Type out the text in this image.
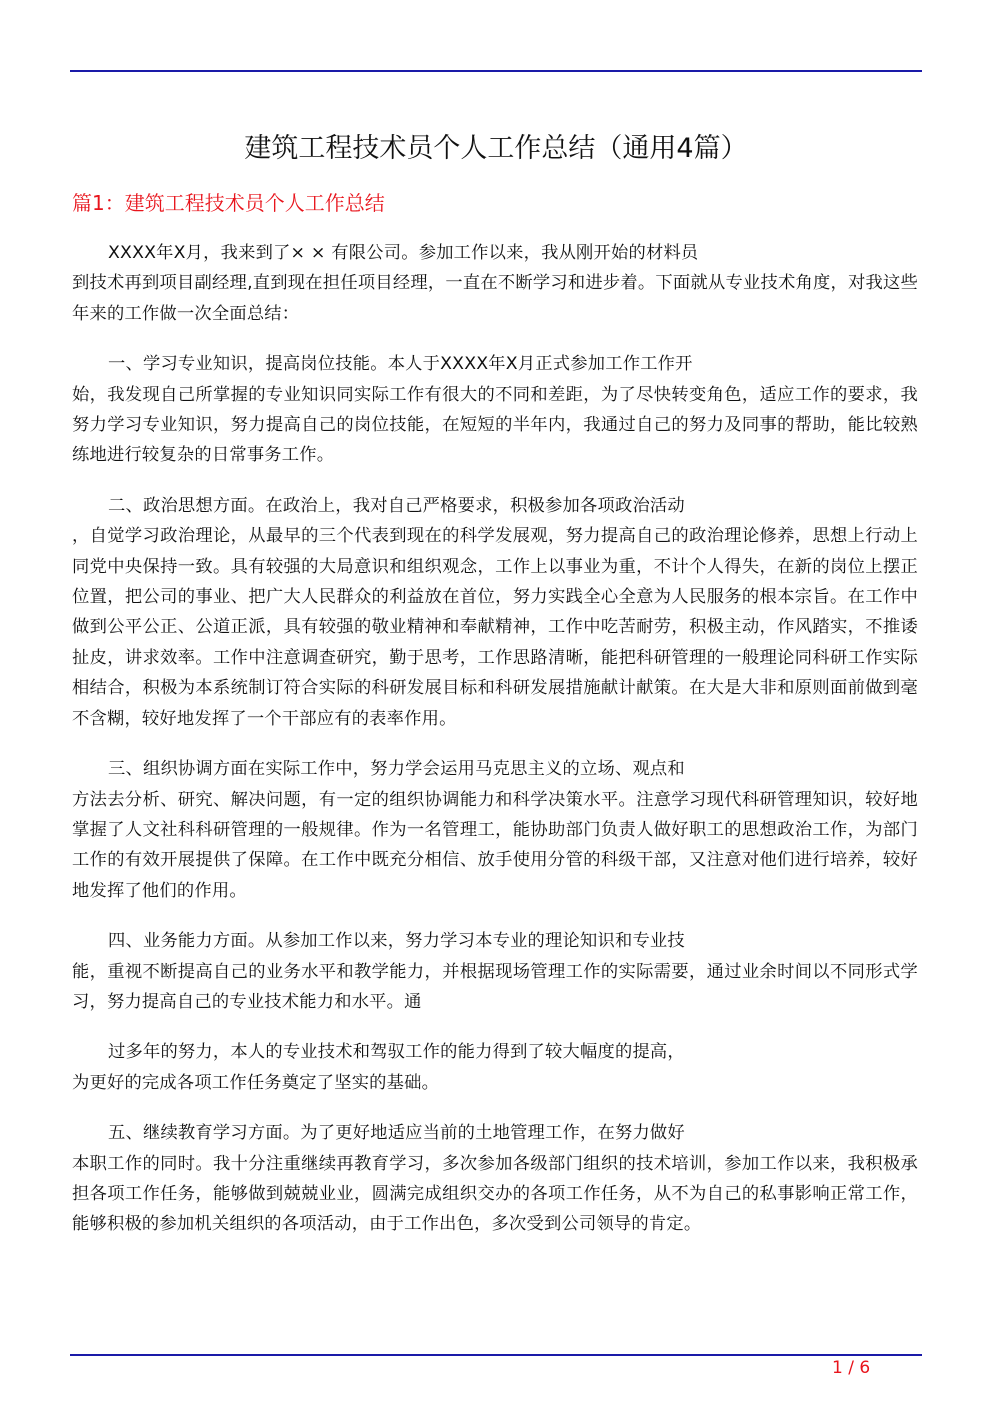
建筑工程技术员个人工作总结（通用4篇）
篇1：建筑工程技术员个人工作总结

XXXX年X月，我来到了× × 有限公司。参加工作以来，我从刚开始的材料员
到技术再到项目副经理,直到现在担任项目经理，一直在不断学习和进步着。下面就从专业技术角度，对我这些年来的工作做一次全面总结：

一、学习专业知识，提高岗位技能。本人于XXXX年X月正式参加工作工作开
始，我发现自己所掌握的专业知识同实际工作有很大的不同和差距，为了尽快转变角色，适应工作的要求，我努力学习专业知识，努力提高自己的岗位技能，在短短的半年内，我通过自己的努力及同事的帮助，能比较熟练地进行较复杂的日常事务工作。

二、政治思想方面。在政治上，我对自己严格要求，积极参加各项政治活动
，自觉学习政治理论，从最早的三个代表到现在的科学发展观，努力提高自己的政治理论修养，思想上行动上同党中央保持一致。具有较强的大局意识和组织观念，工作上以事业为重，不计个人得失，在新的岗位上摆正位置，把公司的事业、把广大人民群众的利益放在首位，努力实践全心全意为人民服务的根本宗旨。在工作中做到公平公正、公道正派，具有较强的敬业精神和奉献精神，工作中吃苦耐劳，积极主动，作风踏实，不推诿扯皮，讲求效率。工作中注意调查研究，勤于思考，工作思路清晰，能把科研管理的一般理论同科研工作实际相结合，积极为本系统制订符合实际的科研发展目标和科研发展措施献计献策。在大是大非和原则面前做到毫不含糊，较好地发挥了一个干部应有的表率作用。

三、组织协调方面在实际工作中，努力学会运用马克思主义的立场、观点和
方法去分析、研究、解决问题，有一定的组织协调能力和科学决策水平。注意学习现代科研管理知识，较好地掌握了人文社科科研管理的一般规律。作为一名管理工，能协助部门负责人做好职工的思想政治工作，为部门工作的有效开展提供了保障。在工作中既充分相信、放手使用分管的科级干部，又注意对他们进行培养，较好地发挥了他们的作用。

四、业务能力方面。从参加工作以来，努力学习本专业的理论知识和专业技
能，重视不断提高自己的业务水平和教学能力，并根据现场管理工作的实际需要，通过业余时间以不同形式学习，努力提高自己的专业技术能力和水平。通

过多年的努力，本人的专业技术和驾驭工作的能力得到了较大幅度的提高，
为更好的完成各项工作任务奠定了坚实的基础。

五、继续教育学习方面。为了更好地适应当前的土地管理工作，在努力做好
本职工作的同时。我十分注重继续再教育学习，多次参加各级部门组织的技术培训，参加工作以来，我积极承担各项工作任务，能够做到兢兢业业，圆满完成组织交办的各项工作任务，从不为自己的私事影响正常工作，能够积极的参加机关组织的各项活动，由于工作出色，多次受到公司领导的肯定。

1 / 6
